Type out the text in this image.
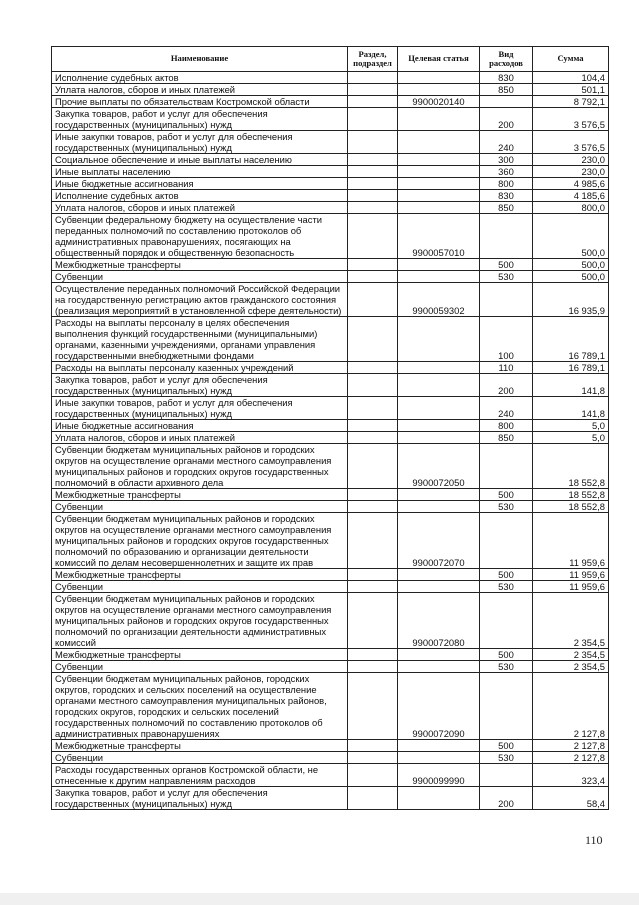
Наименование	Раздел, подраздел	Целевая статья	Вид расходов	Сумма
Исполнение судебных актов			830	104,4
Уплата налогов, сборов и иных платежей			850	501,1
Прочие выплаты по обязательствам Костромской области		9900020140		8 792,1
Закупка товаров, работ и услуг для обеспечения государственных (муниципальных) нужд			200	3 576,5
Иные закупки товаров, работ и услуг для обеспечения государственных (муниципальных) нужд			240	3 576,5
Социальное обеспечение и иные выплаты населению			300	230,0
Иные выплаты населению			360	230,0
Иные бюджетные ассигнования			800	4 985,6
Исполнение судебных актов			830	4 185,6
Уплата налогов, сборов и иных платежей			850	800,0
Субвенции федеральному бюджету на осуществление части переданных полномочий по составлению протоколов об административных правонарушениях, посягающих на общественный порядок и общественную безопасность		9900057010		500,0
Межбюджетные трансферты			500	500,0
Субвенции			530	500,0
Осуществление переданных полномочий Российской Федерации на государственную регистрацию актов гражданского состояния (реализация мероприятий в установленной сфере деятельности)		9900059302		16 935,9
Расходы на выплаты персоналу в целях обеспечения выполнения функций государственными (муниципальными) органами, казенными учреждениями, органами управления государственными внебюджетными фондами			100	16 789,1
Расходы на выплаты персоналу казенных учреждений			110	16 789,1
Закупка товаров, работ и услуг для обеспечения государственных (муниципальных) нужд			200	141,8
Иные закупки товаров, работ и услуг для обеспечения государственных (муниципальных) нужд			240	141,8
Иные бюджетные ассигнования			800	5,0
Уплата налогов, сборов и иных платежей			850	5,0
Субвенции бюджетам муниципальных районов и городских округов на осуществление органами местного самоуправления муниципальных районов и городских округов государственных полномочий в области архивного дела		9900072050		18 552,8
Межбюджетные трансферты			500	18 552,8
Субвенции			530	18 552,8
Субвенции бюджетам муниципальных районов и городских округов на осуществление органами местного самоуправления муниципальных районов и городских округов государственных полномочий по образованию и организации деятельности комиссий по делам несовершеннолетних и защите их прав		9900072070		11 959,6
Межбюджетные трансферты			500	11 959,6
Субвенции			530	11 959,6
Субвенции бюджетам муниципальных районов и городских округов на осуществление органами местного самоуправления муниципальных районов и городских округов государственных полномочий по организации деятельности административных комиссий		9900072080		2 354,5
Межбюджетные трансферты			500	2 354,5
Субвенции			530	2 354,5
Субвенции бюджетам муниципальных районов, городских округов, городских и сельских поселений на осуществление органами местного самоуправления муниципальных районов, городских округов, городских и сельских поселений государственных полномочий по составлению протоколов об административных правонарушениях		9900072090		2 127,8
Межбюджетные трансферты			500	2 127,8
Субвенции			530	2 127,8
Расходы государственных органов Костромской области, не отнесенные к другим направлениям расходов		9900099990		323,4
Закупка товаров, работ и услуг для обеспечения государственных (муниципальных) нужд			200	58,4
110
